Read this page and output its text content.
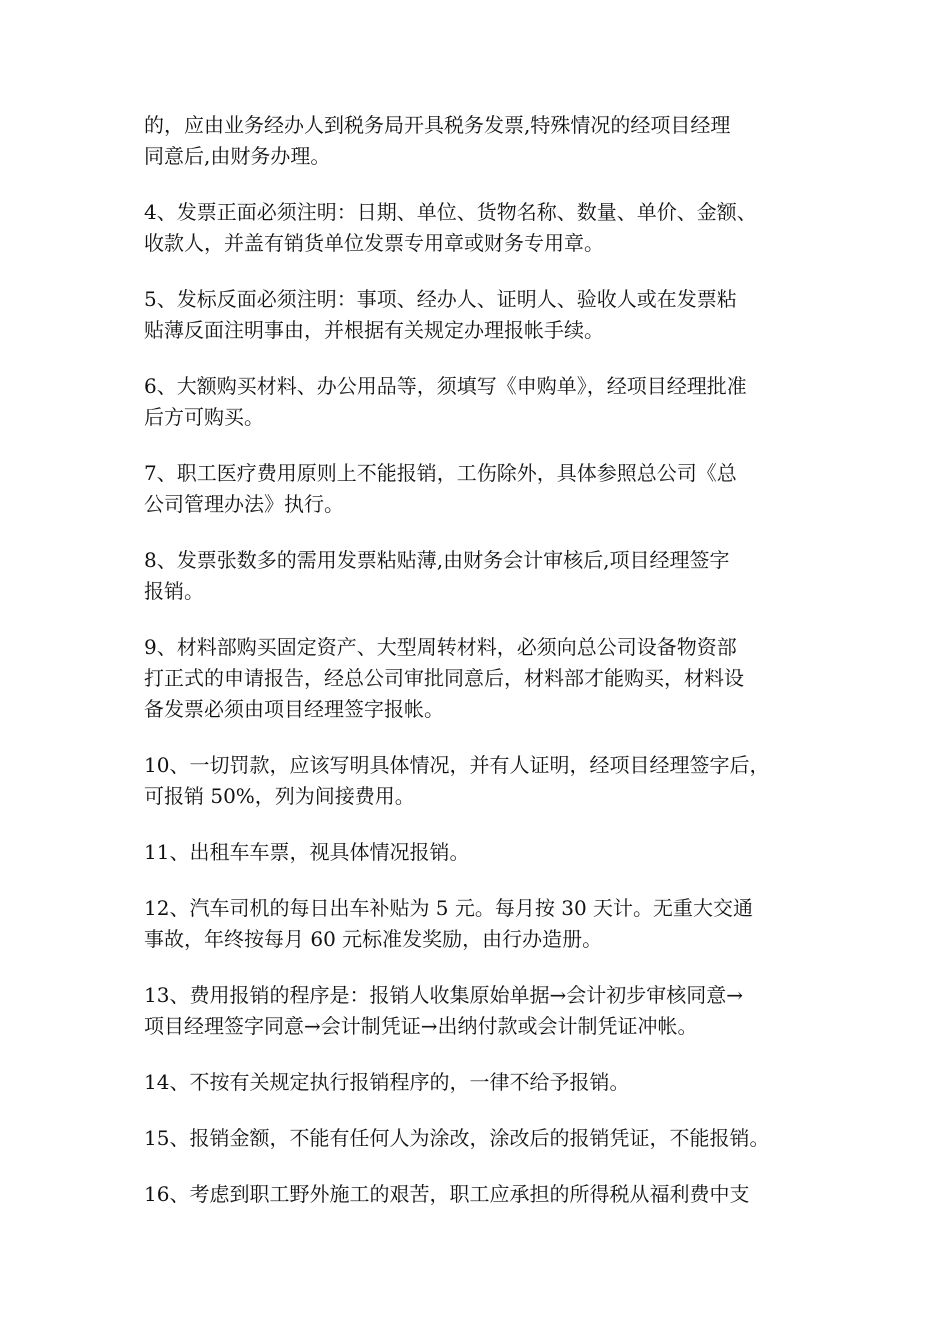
的，应由业务经办人到税务局开具税务发票,特殊情况的经项目经理
同意后,由财务办理。
4、发票正面必须注明：日期、单位、货物名称、数量、单价、金额、
收款人，并盖有销货单位发票专用章或财务专用章。
5、发标反面必须注明：事项、经办人、证明人、验收人或在发票粘
贴薄反面注明事由，并根据有关规定办理报帐手续。
6、大额购买材料、办公用品等，须填写《申购单》，经项目经理批准
后方可购买。
7、职工医疗费用原则上不能报销，工伤除外，具体参照总公司《总
公司管理办法》执行。
8、发票张数多的需用发票粘贴薄,由财务会计审核后,项目经理签字
报销。
9、材料部购买固定资产、大型周转材料，必须向总公司设备物资部
打正式的申请报告，经总公司审批同意后，材料部才能购买，材料设
备发票必须由项目经理签字报帐。
10、一切罚款，应该写明具体情况，并有人证明，经项目经理签字后，
可报销 50%，列为间接费用。
11、出租车车票，视具体情况报销。
12、汽车司机的每日出车补贴为 5 元。每月按 30 天计。无重大交通
事故，年终按每月 60 元标准发奖励，由行办造册。
13、费用报销的程序是：报销人收集原始单据→会计初步审核同意→
项目经理签字同意→会计制凭证→出纳付款或会计制凭证冲帐。
14、不按有关规定执行报销程序的，一律不给予报销。
15、报销金额，不能有任何人为涂改，涂改后的报销凭证，不能报销。
16、考虑到职工野外施工的艰苦，职工应承担的所得税从福利费中支
